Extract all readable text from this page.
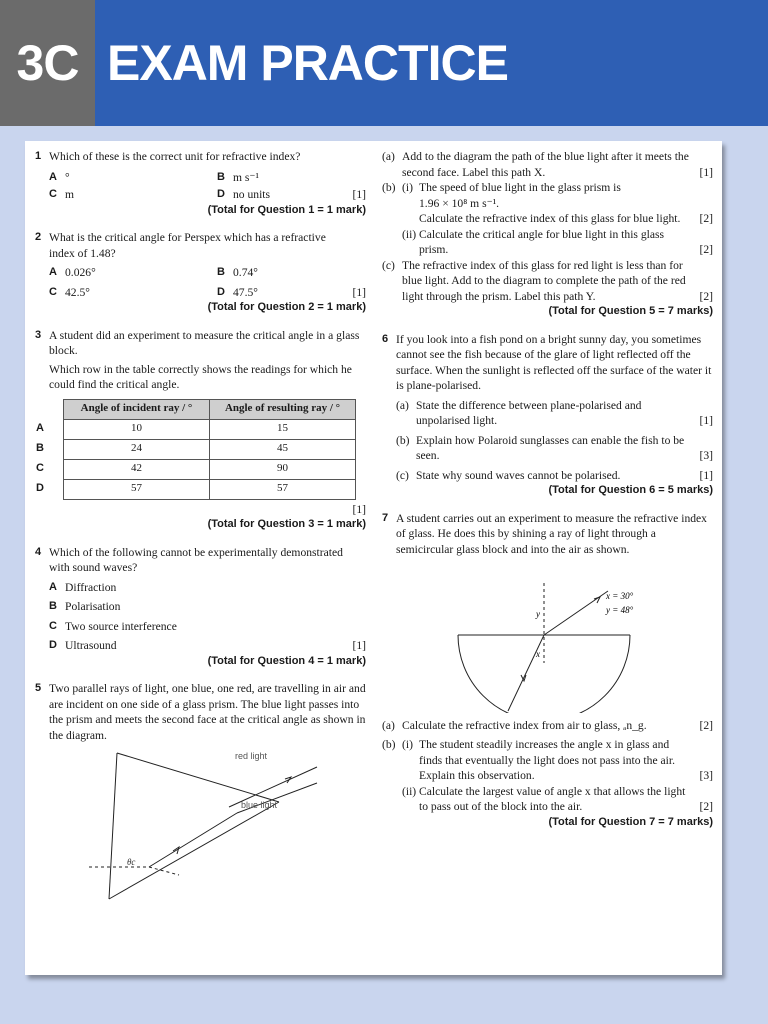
3C EXAM PRACTICE
1 Which of these is the correct unit for refractive index?

A °	B m s⁻¹
C m	D no units	[1]
(Total for Question 1 = 1 mark)
2 What is the critical angle for Perspex which has a refractive index of 1.48?

A 0.026°	B 0.74°
C 42.5°	D 47.5°	[1]
(Total for Question 2 = 1 mark)
3 A student did an experiment to measure the critical angle in a glass block.

Which row in the table correctly shows the readings for which he could find the critical angle.

	Angle of incident ray / °	Angle of resulting ray / °
A	10	15
B	24	45
C	42	90
D	57	57
[1]
(Total for Question 3 = 1 mark)
4 Which of the following cannot be experimentally demonstrated with sound waves?

A Diffraction
B Polarisation
C Two source interference
D Ultrasound	[1]
(Total for Question 4 = 1 mark)
5 Two parallel rays of light, one blue, one red, are travelling in air and are incident on one side of a glass prism. The blue light passes into the prism and meets the second face at the critical angle as shown in the diagram.

red light
blue light
θc
(a) Add to the diagram the path of the blue light after it meets the second face. Label this path X.	[1]
(b) (i) The speed of blue light in the glass prism is

1.96 × 10⁸ m s⁻¹.

Calculate the refractive index of this glass for blue light.	[2]
(ii) Calculate the critical angle for blue light in this glass prism.	[2]
(c) The refractive index of this glass for red light is less than for blue light. Add to the diagram to complete the path of the red light through the prism. Label this path Y.	[2]
(Total for Question 5 = 7 marks)
6 If you look into a fish pond on a bright sunny day, you sometimes cannot see the fish because of the glare of light reflected off the surface. When the sunlight is reflected off the surface of the water it is plane-polarised.

(a) State the difference between plane-polarised and unpolarised light.	[1]
(b) Explain how Polaroid sunglasses can enable the fish to be seen.	[3]
(c) State why sound waves cannot be polarised.	[1]
(Total for Question 6 = 5 marks)
7 A student carries out an experiment to measure the refractive index of glass. He does this by shining a ray of light through a semicircular glass block and into the air as shown.

y
x
x = 30°
y = 48°
(a) Calculate the refractive index from air to glass, ₐn_g.	[2]
(b) (i) The student steadily increases the angle x in glass and finds that eventually the light does not pass into the air. Explain this observation.	[3]
(ii) Calculate the largest value of angle x that allows the light to pass out of the block into the air.	[2]
(Total for Question 7 = 7 marks)
